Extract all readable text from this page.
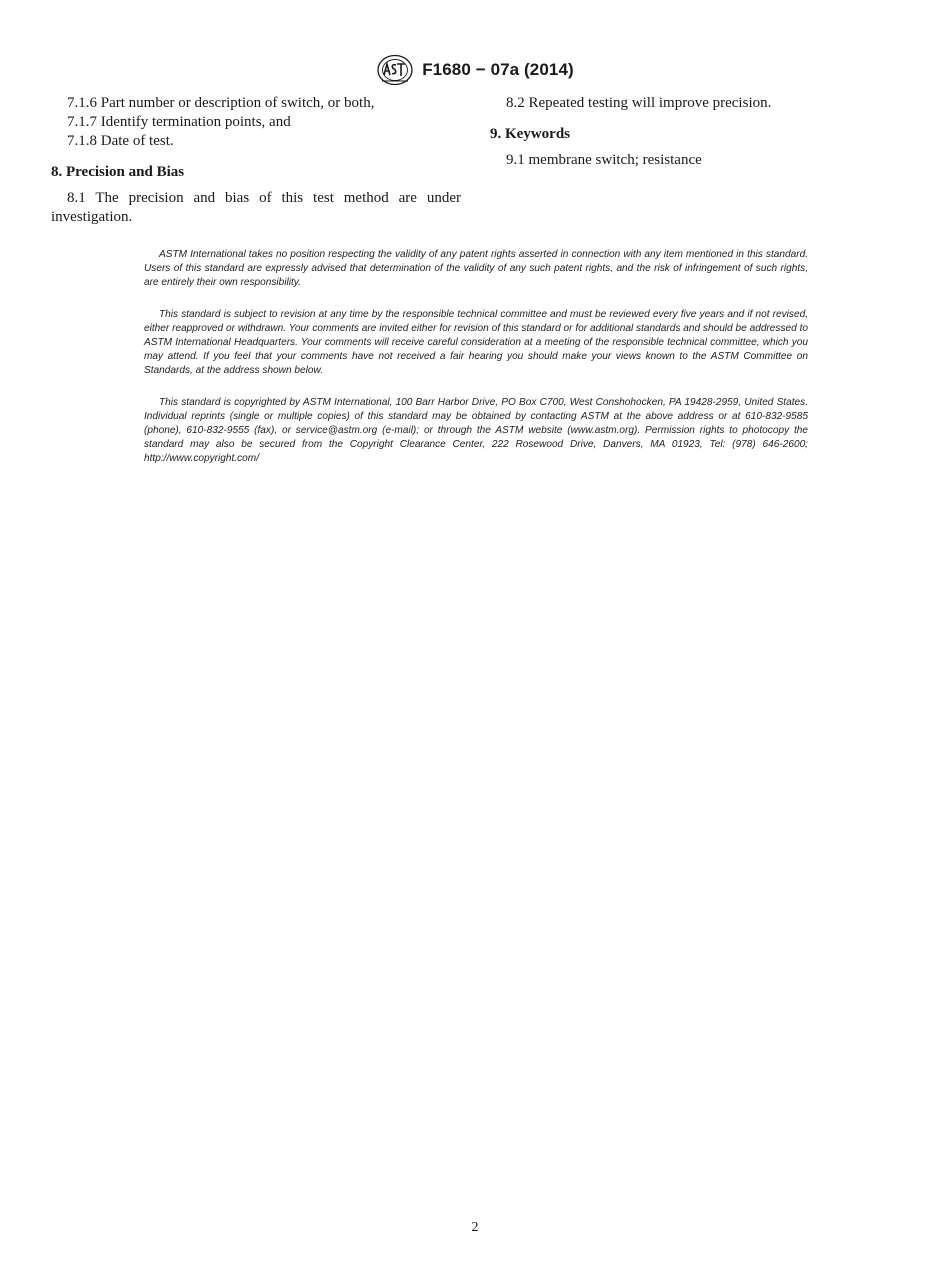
F1680 − 07a (2014)

7.1.6 Part number or description of switch, or both,

7.1.7 Identify termination points, and

7.1.8 Date of test.

8. Precision and Bias

8.1 The precision and bias of this test method are under investigation.

8.2 Repeated testing will improve precision.

9. Keywords

9.1 membrane switch; resistance

ASTM International takes no position respecting the validity of any patent rights asserted in connection with any item mentioned in this standard. Users of this standard are expressly advised that determination of the validity of any such patent rights, and the risk of infringement of such rights, are entirely their own responsibility.

This standard is subject to revision at any time by the responsible technical committee and must be reviewed every five years and if not revised, either reapproved or withdrawn. Your comments are invited either for revision of this standard or for additional standards and should be addressed to ASTM International Headquarters. Your comments will receive careful consideration at a meeting of the responsible technical committee, which you may attend. If you feel that your comments have not received a fair hearing you should make your views known to the ASTM Committee on Standards, at the address shown below.

This standard is copyrighted by ASTM International, 100 Barr Harbor Drive, PO Box C700, West Conshohocken, PA 19428-2959, United States. Individual reprints (single or multiple copies) of this standard may be obtained by contacting ASTM at the above address or at 610-832-9585 (phone), 610-832-9555 (fax), or service@astm.org (e-mail); or through the ASTM website (www.astm.org). Permission rights to photocopy the standard may also be secured from the Copyright Clearance Center, 222 Rosewood Drive, Danvers, MA 01923, Tel: (978) 646-2600; http://www.copyright.com/

2
